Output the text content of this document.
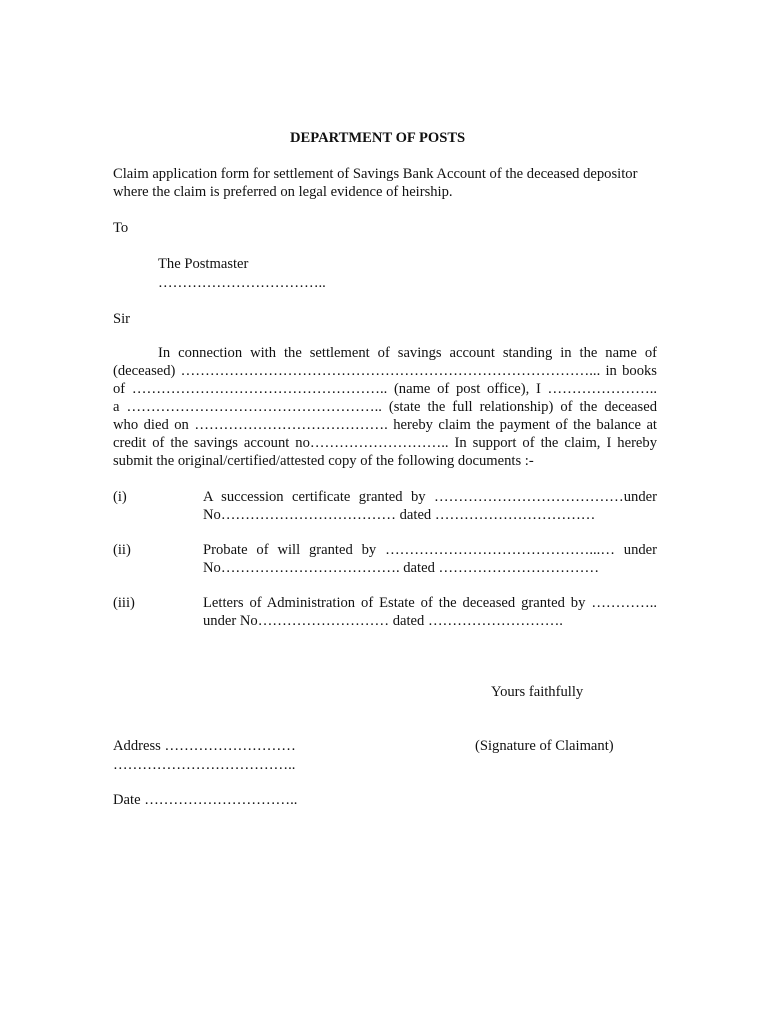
DEPARTMENT OF POSTS
Claim application form for settlement of Savings Bank Account of the deceased depositor
where the claim is preferred on legal evidence of heirship.
To
The Postmaster
……………………………..
Sir
In connection with the settlement of savings account standing in the name of
(deceased) …………………………………………………………………………... in books
of …………………………………………….. (name of post office), I …………………..
a …………………………………………….. (state the full relationship) of the deceased
who died on …………………………………. hereby claim the payment of the balance at
credit of the savings account no……………………….. In support of the claim, I hereby
submit the original/certified/attested copy of the following documents :-
(i)	A succession certificate granted by …………………………………under
No……………………………… dated ……………………………
(ii)	Probate of will granted by ……………………………………...… under
No………………………………. dated ……………………………
(iii)	Letters of Administration of Estate of the deceased granted by …………..
under No……………………… dated ……………………….
Yours faithfully
Address ………………………	(Signature of Claimant)
………………………………..
Date …………………………..
